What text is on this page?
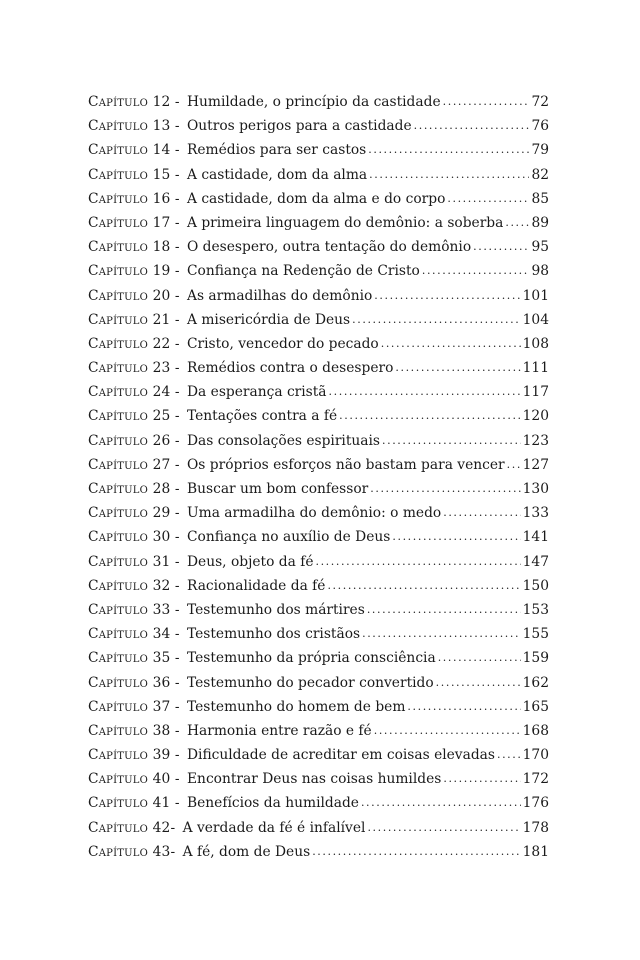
Capítulo 12 - Humildade, o princípio da castidade .....	72
Capítulo 13 - Outros perigos para a castidade .....	76
Capítulo 14 - Remédios para ser castos .....	79
Capítulo 15 - A castidade, dom da alma .....	82
Capítulo 16 - A castidade, dom da alma e do corpo .....	85
Capítulo 17 - A primeira linguagem do demônio: a soberba ..... 89
Capítulo 18 - O desespero, outra tentação do demônio .....	95
Capítulo 19 - Confiança na Redenção de Cristo .....	98
Capítulo 20 - As armadilhas do demônio .....	101
Capítulo 21 - A misericórdia de Deus .....	104
Capítulo 22 - Cristo, vencedor do pecado .....	108
Capítulo 23 - Remédios contra o desespero .....	111
Capítulo 24 - Da esperança cristã .....	117
Capítulo 25 - Tentações contra a fé .....	120
Capítulo 26 - Das consolações espirituais .....	123
Capítulo 27 - Os próprios esforços não bastam para vencer ..... 127
Capítulo 28 - Buscar um bom confessor .....	130
Capítulo 29 - Uma armadilha do demônio: o medo .....	133
Capítulo 30 - Confiança no auxílio de Deus .....	141
Capítulo 31 - Deus, objeto da fé .....	147
Capítulo 32 - Racionalidade da fé .....	150
Capítulo 33 - Testemunho dos mártires .....	153
Capítulo 34 - Testemunho dos cristãos .....	155
Capítulo 35 - Testemunho da própria consciência .....	159
Capítulo 36 - Testemunho do pecador convertido .....	162
Capítulo 37 - Testemunho do homem de bem .....	165
Capítulo 38 - Harmonia entre razão e fé .....	168
Capítulo 39 - Dificuldade de acreditar em coisas elevadas ..... 170
Capítulo 40 - Encontrar Deus nas coisas humildes .....	172
Capítulo 41 - Benefícios da humildade .....	176
Capítulo 42 - A verdade da fé é infalível .....	178
Capítulo 43 - A fé, dom de Deus .....	181
